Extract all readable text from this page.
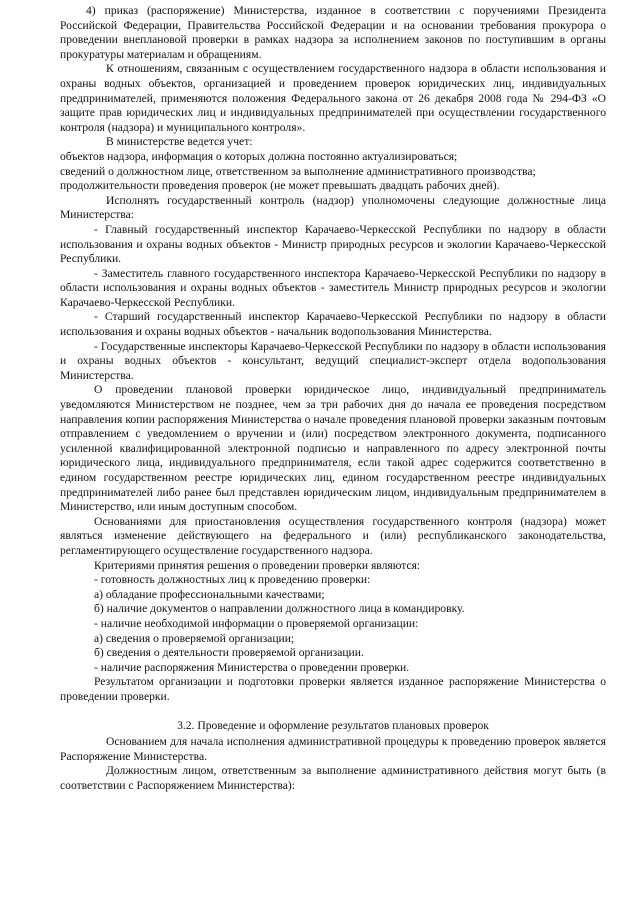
4) приказ (распоряжение) Министерства, изданное в соответствии с поручениями Президента Российской Федерации, Правительства Российской Федерации и на основании требования прокурора о проведении внеплановой проверки в рамках надзора за исполнением законов по поступившим в органы прокуратуры материалам и обращениям.

К отношениям, связанным с осуществлением государственного надзора в области использования и охраны водных объектов, организацией и проведением проверок юридических лиц, индивидуальных предпринимателей, применяются положения Федерального закона от 26 декабря 2008 года № 294-ФЗ «О защите прав юридических лиц и индивидуальных предпринимателей при осуществлении государственного контроля (надзора) и муниципального контроля».

В министерстве ведется учет:

объектов надзора, информация о которых должна постоянно актуализироваться;

сведений о должностном лице, ответственном за выполнение административного производства;

продолжительности проведения проверок (не может превышать двадцать рабочих дней).

Исполнять государственный контроль (надзор) уполномочены следующие должностные лица Министерства:

- Главный государственный инспектор Карачаево-Черкесской Республики по надзору в области использования и охраны водных объектов - Министр природных ресурсов и экологии Карачаево-Черкесской Республики.

- Заместитель главного государственного инспектора Карачаево-Черкесской Республики по надзору в области использования и охраны водных объектов - заместитель Министр природных ресурсов и экологии Карачаево-Черкесской Республики.

- Старший государственный инспектор Карачаево-Черкесской Республики по надзору в области использования и охраны водных объектов - начальник водопользования Министерства.

- Государственные инспекторы Карачаево-Черкесской Республики по надзору в области использования и охраны водных объектов - консультант, ведущий специалист-эксперт отдела водопользования Министерства.

О проведении плановой проверки юридическое лицо, индивидуальный предприниматель уведомляются Министерством не позднее, чем за три рабочих дня до начала ее проведения посредством направления копии распоряжения Министерства о начале проведения плановой проверки заказным почтовым отправлением с уведомлением о вручении и (или) посредством электронного документа, подписанного усиленной квалифицированной электронной подписью и направленного по адресу электронной почты юридического лица, индивидуального предпринимателя, если такой адрес содержится соответственно в едином государственном реестре юридических лиц, едином государственном реестре индивидуальных предпринимателей либо ранее был представлен юридическим лицом, индивидуальным предпринимателем в Министерство, или иным доступным способом.

Основаниями для приостановления осуществления государственного контроля (надзора) может являться изменение действующего на федерального и (или) республиканского законодательства, регламентирующего осуществление государственного надзора.

Критериями принятия решения о проведении проверки являются:

- готовность должностных лиц к проведению проверки:

а) обладание профессиональными качествами;

б) наличие документов о направлении должностного лица в командировку.

- наличие необходимой информации о проверяемой организации:

а) сведения о проверяемой организации;

б) сведения о деятельности проверяемой организации.

- наличие распоряжения Министерства о проведении проверки.

Результатом организации и подготовки проверки является изданное распоряжение Министерства о проведении проверки.

3.2. Проведение и оформление результатов плановых проверок

Основанием для начала исполнения административной процедуры к проведению проверок является Распоряжение Министерства.

Должностным лицом, ответственным за выполнение административного действия могут быть (в соответствии с Распоряжением Министерства):
